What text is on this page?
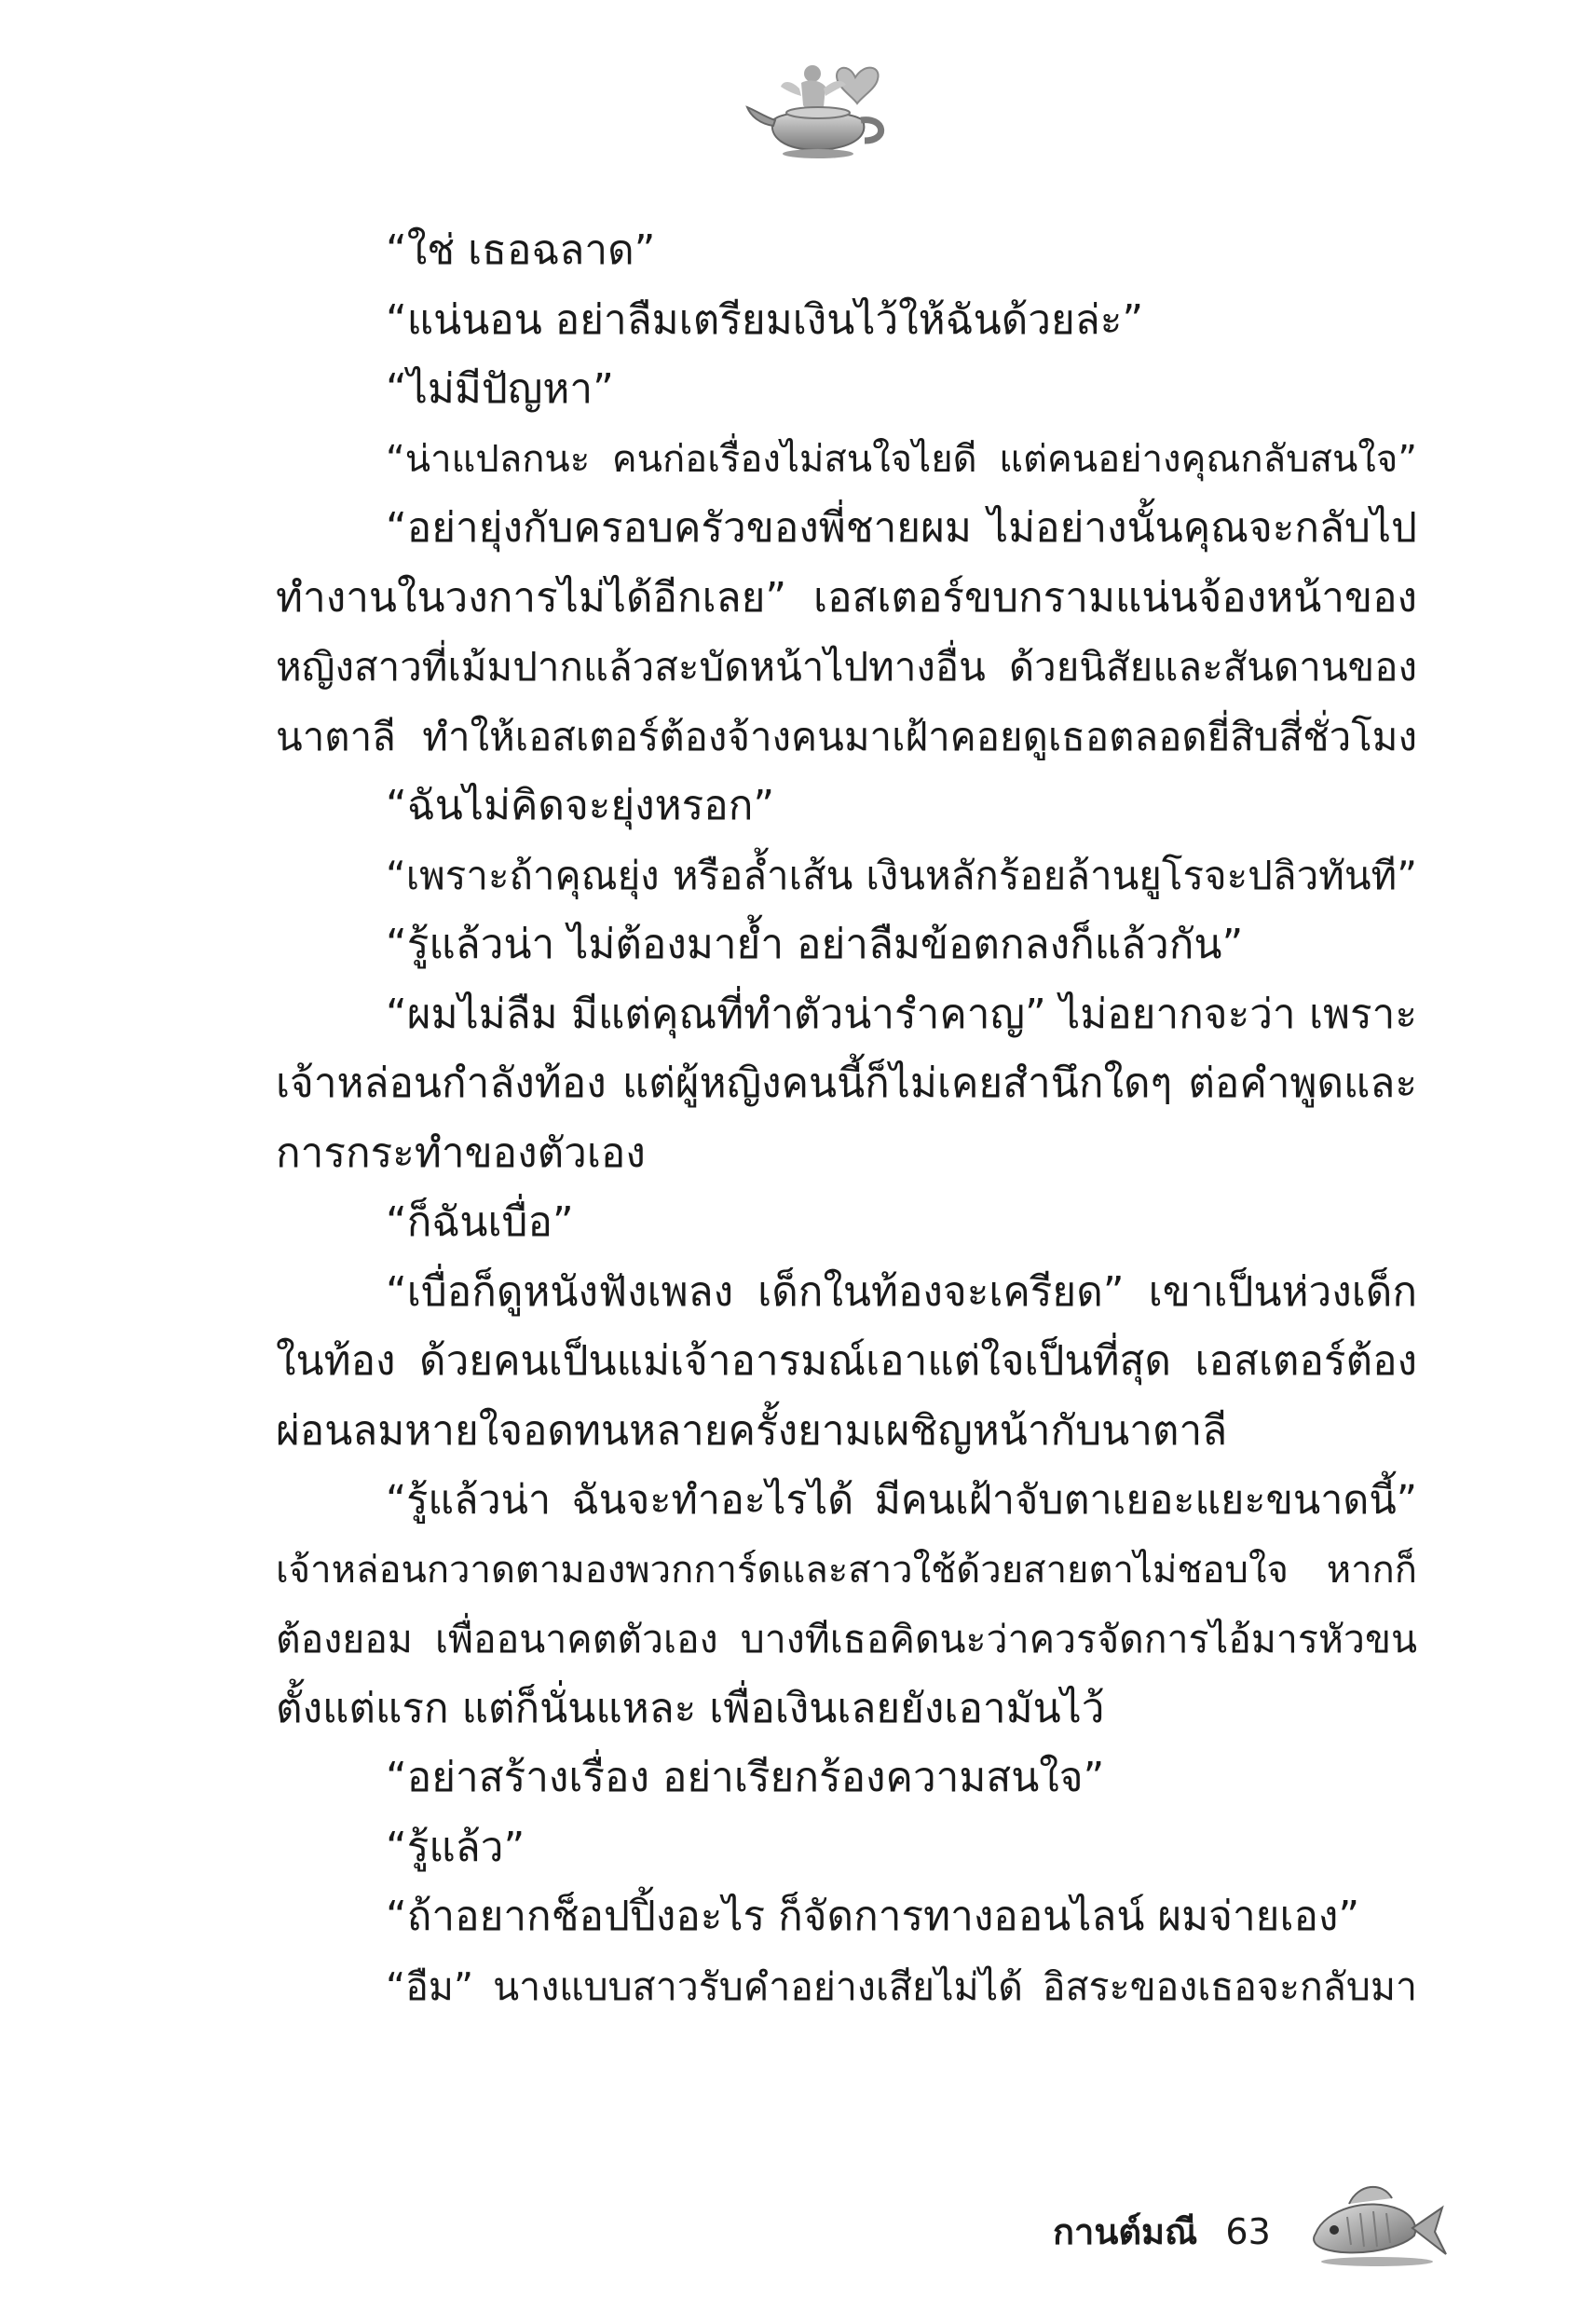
“ใช่ เธอฉลาด”
“แน่นอน อย่าลืมเตรียมเงินไว้ให้ฉันด้วยล่ะ”
“ไม่มีปัญหา”
“น่าแปลกนะ คนก่อเรื่องไม่สนใจไยดี แต่คนอย่างคุณกลับสนใจ”
“อย่ายุ่งกับครอบครัวของพี่ชายผม ไม่อย่างนั้นคุณจะกลับไป
ทำงานในวงการไม่ได้อีกเลย” เอสเตอร์ขบกรามแน่นจ้องหน้าของ
หญิงสาวที่เม้มปากแล้วสะบัดหน้าไปทางอื่น ด้วยนิสัยและสันดานของ
นาตาลี ทำให้เอสเตอร์ต้องจ้างคนมาเฝ้าคอยดูเธอตลอดยี่สิบสี่ชั่วโมง
“ฉันไม่คิดจะยุ่งหรอก”
“เพราะถ้าคุณยุ่ง หรือล้ำเส้น เงินหลักร้อยล้านยูโรจะปลิวทันที”
“รู้แล้วน่า ไม่ต้องมาย้ำ อย่าลืมข้อตกลงก็แล้วกัน”
“ผมไม่ลืม มีแต่คุณที่ทำตัวน่ารำคาญ” ไม่อยากจะว่า เพราะ
เจ้าหล่อนกำลังท้อง แต่ผู้หญิงคนนี้ก็ไม่เคยสำนึกใดๆ ต่อคำพูดและ
การกระทำของตัวเอง
“ก็ฉันเบื่อ”
“เบื่อก็ดูหนังฟังเพลง เด็กในท้องจะเครียด” เขาเป็นห่วงเด็ก
ในท้อง ด้วยคนเป็นแม่เจ้าอารมณ์เอาแต่ใจเป็นที่สุด เอสเตอร์ต้อง
ผ่อนลมหายใจอดทนหลายครั้งยามเผชิญหน้ากับนาตาลี
“รู้แล้วน่า ฉันจะทำอะไรได้ มีคนเฝ้าจับตาเยอะแยะขนาดนี้”
เจ้าหล่อนกวาดตามองพวกการ์ดและสาวใช้ด้วยสายตาไม่ชอบใจ หากก็
ต้องยอม เพื่ออนาคตตัวเอง บางทีเธอคิดนะว่าควรจัดการไอ้มารหัวขน
ตั้งแต่แรก แต่ก็นั่นแหละ เพื่อเงินเลยยังเอามันไว้
“อย่าสร้างเรื่อง อย่าเรียกร้องความสนใจ”
“รู้แล้ว”
“ถ้าอยากช็อปปิ้งอะไร ก็จัดการทางออนไลน์ ผมจ่ายเอง”
“อืม” นางแบบสาวรับคำอย่างเสียไม่ได้ อิสระของเธอจะกลับมา
กานต์มณี 63
